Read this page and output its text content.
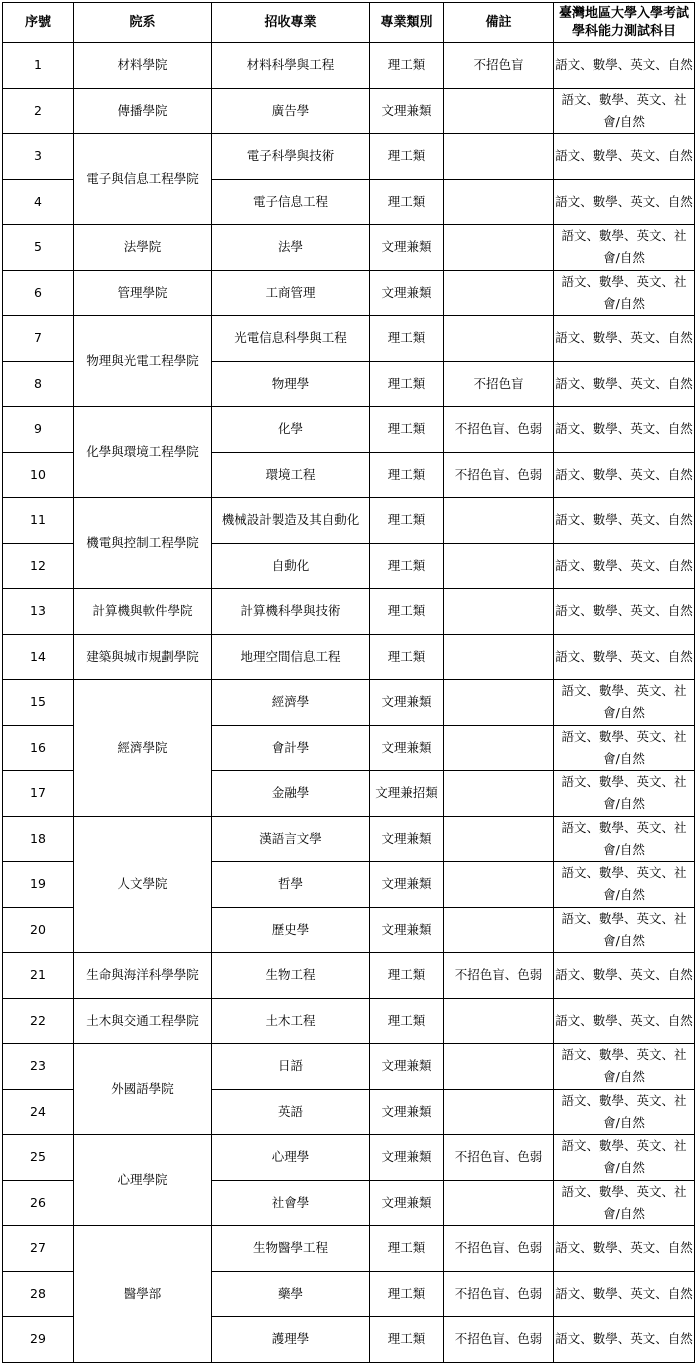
序號	院系	招收專業	專業類別	備註	臺灣地區大學入學考試學科能力測試科目
1	材料學院	材料科學與工程	理工類	不招色盲	語文、數學、英文、自然
2	傳播學院	廣告學	文理兼類		語文、數學、英文、社會/自然
3	電子與信息工程學院	電子科學與技術	理工類		語文、數學、英文、自然
4		電子信息工程	理工類		語文、數學、英文、自然
5	法學院	法學	文理兼類		語文、數學、英文、社會/自然
6	管理學院	工商管理	文理兼類		語文、數學、英文、社會/自然
7	物理與光電工程學院	光電信息科學與工程	理工類		語文、數學、英文、自然
8		物理學	理工類	不招色盲	語文、數學、英文、自然
9	化學與環境工程學院	化學	理工類	不招色盲、色弱	語文、數學、英文、自然
10		環境工程	理工類	不招色盲、色弱	語文、數學、英文、自然
11	機電與控制工程學院	機械設計製造及其自動化	理工類		語文、數學、英文、自然
12		自動化	理工類		語文、數學、英文、自然
13	計算機與軟件學院	計算機科學與技術	理工類		語文、數學、英文、自然
14	建築與城市規劃學院	地理空間信息工程	理工類		語文、數學、英文、自然
15	經濟學院	經濟學	文理兼類		語文、數學、英文、社會/自然
16		會計學	文理兼類		語文、數學、英文、社會/自然
17		金融學	文理兼招類		語文、數學、英文、社會/自然
18	人文學院	漢語言文學	文理兼類		語文、數學、英文、社會/自然
19		哲學	文理兼類		語文、數學、英文、社會/自然
20		歷史學	文理兼類		語文、數學、英文、社會/自然
21	生命與海洋科學學院	生物工程	理工類	不招色盲、色弱	語文、數學、英文、自然
22	土木與交通工程學院	土木工程	理工類		語文、數學、英文、自然
23	外國語學院	日語	文理兼類		語文、數學、英文、社會/自然
24		英語	文理兼類		語文、數學、英文、社會/自然
25	心理學院	心理學	文理兼類	不招色盲、色弱	語文、數學、英文、社會/自然
26		社會學	文理兼類		語文、數學、英文、社會/自然
27	醫學部	生物醫學工程	理工類	不招色盲、色弱	語文、數學、英文、自然
28		藥學	理工類	不招色盲、色弱	語文、數學、英文、自然
29		護理學	理工類	不招色盲、色弱	語文、數學、英文、自然
